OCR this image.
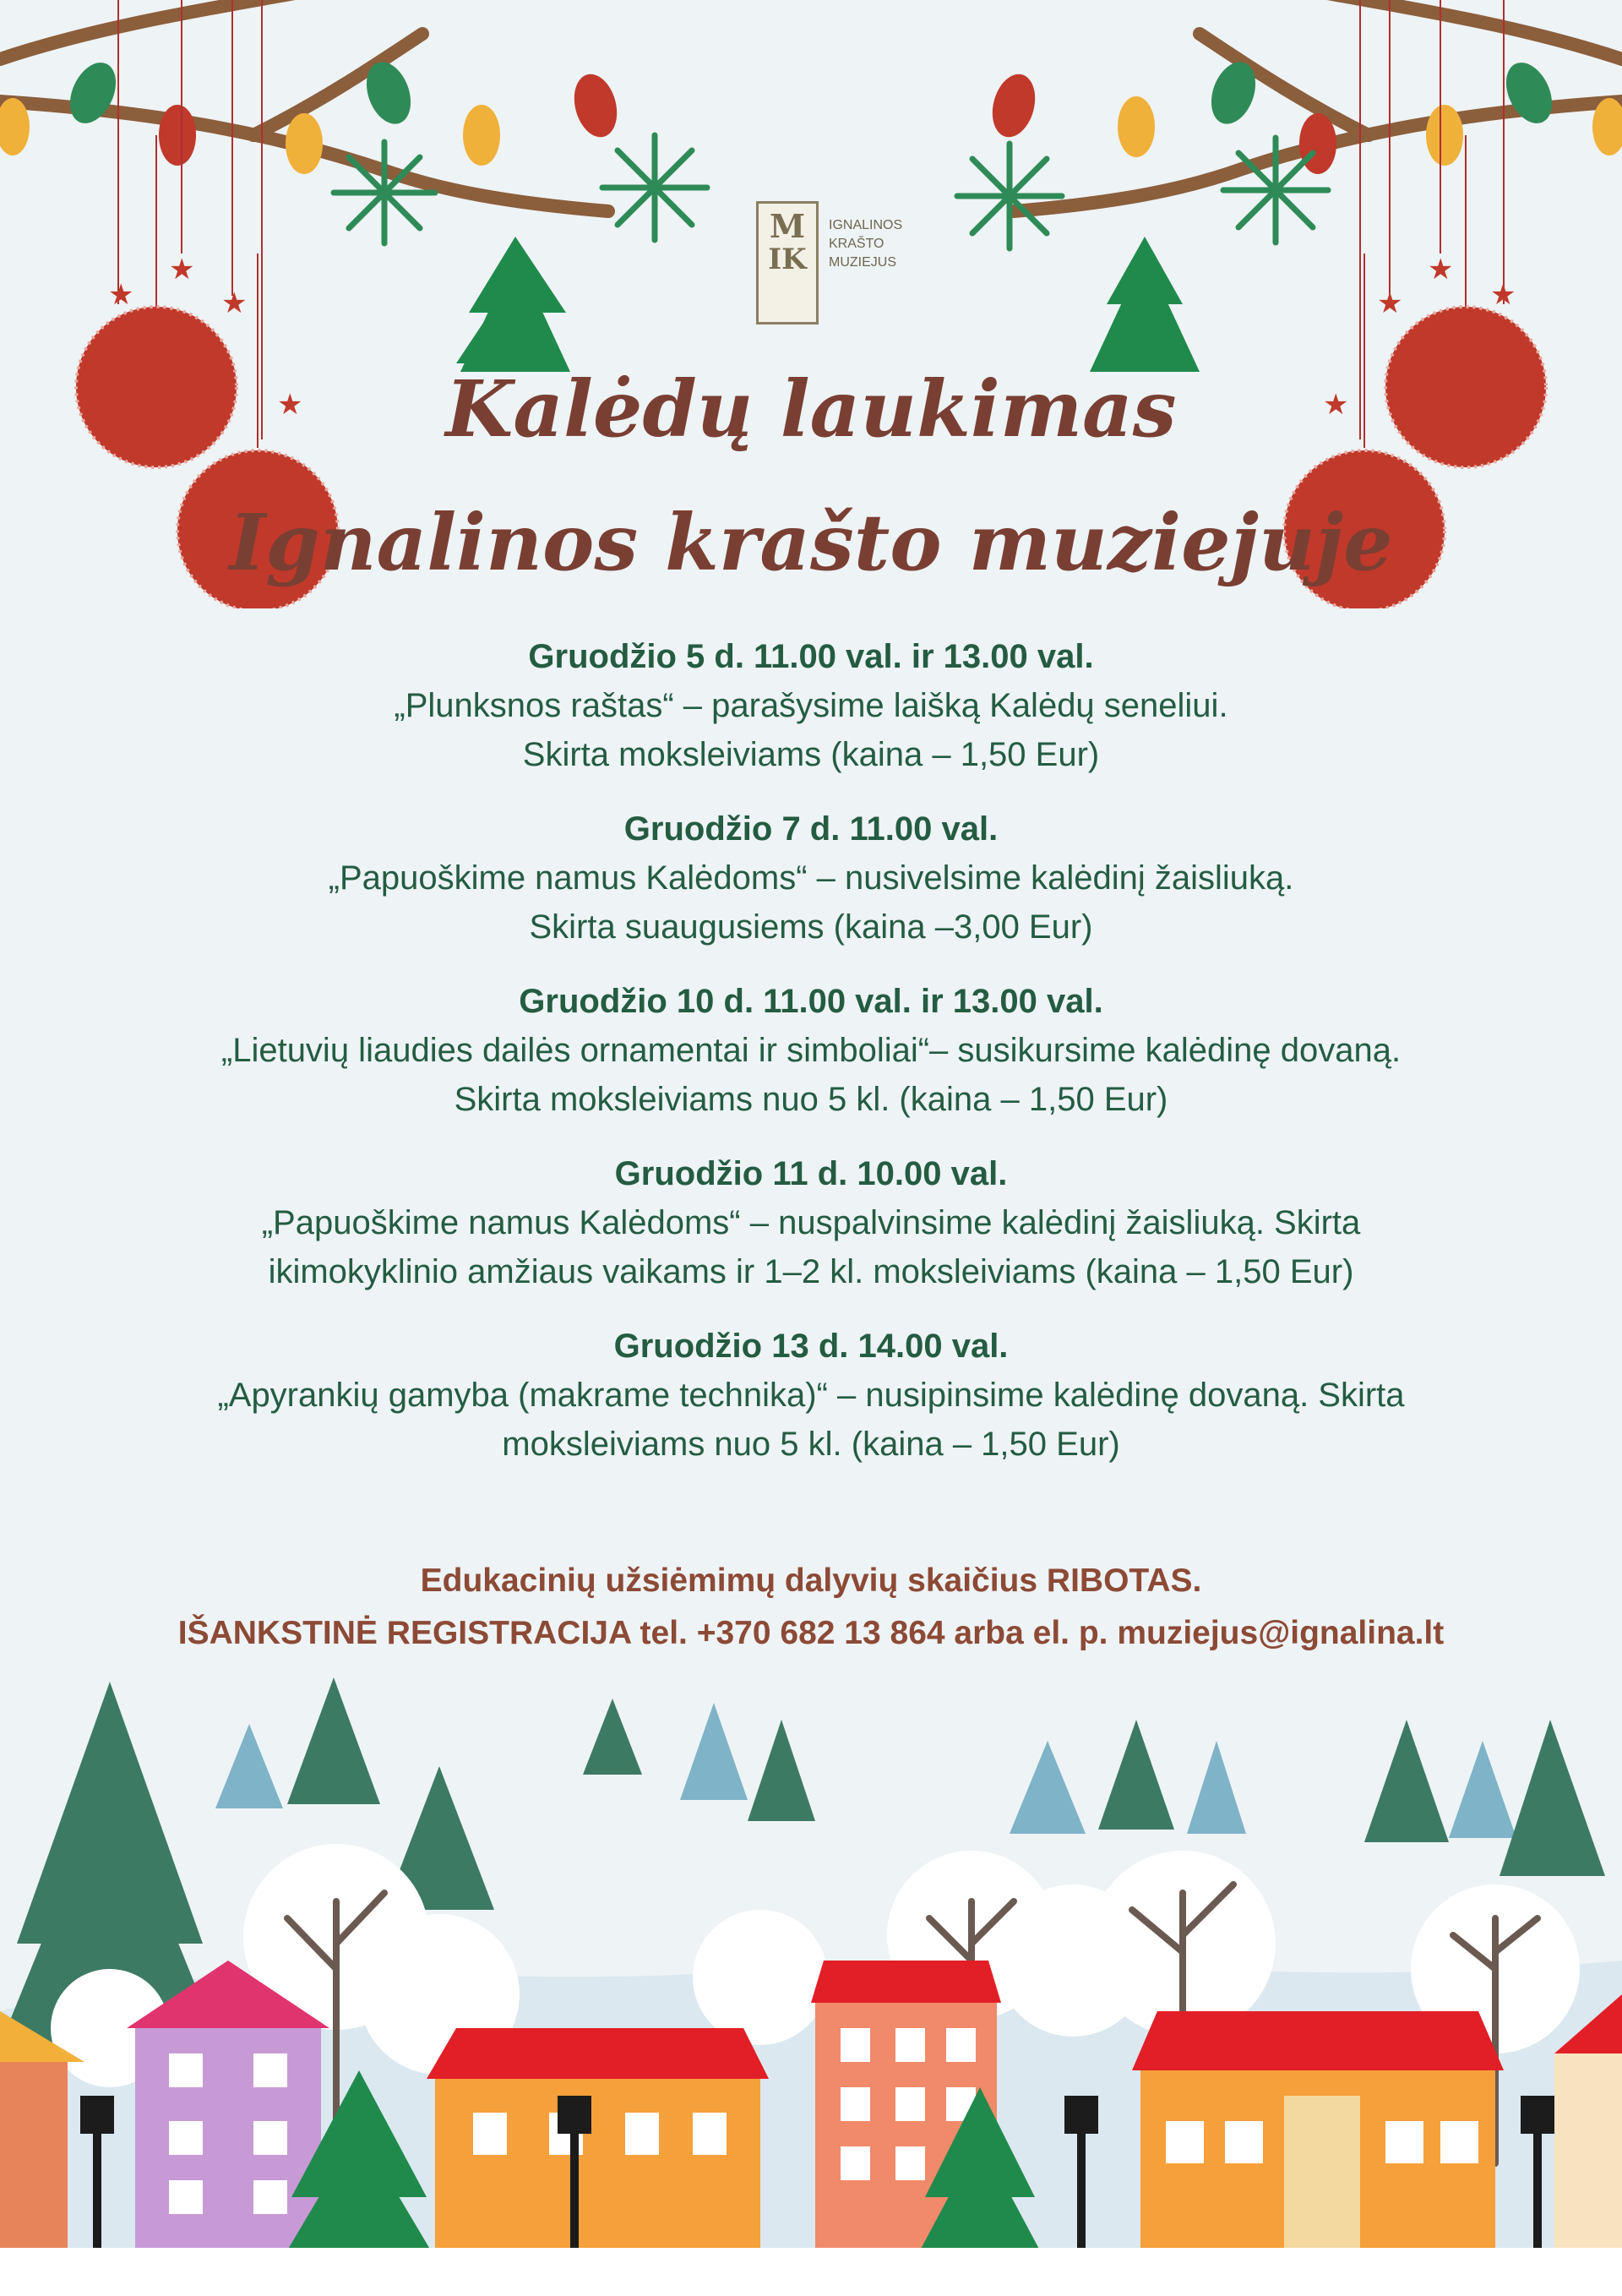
★
★
★
★
★
★
★
★
M
IK
IGNALINOS
KRAŠTO
MUZIEJUS
Kalėdų laukimas
Ignalinos krašto muziejuje
Gruodžio 5 d. 11.00 val. ir 13.00 val.
„Plunksnos raštas“ – parašysime laišką Kalėdų seneliui.
Skirta moksleiviams (kaina – 1,50 Eur)
Gruodžio 7 d. 11.00 val.
„Papuoškime namus Kalėdoms“ – nusivelsime kalėdinį žaisliuką.
Skirta suaugusiems (kaina –3,00 Eur)
Gruodžio 10 d. 11.00 val. ir 13.00 val.
„Lietuvių liaudies dailės ornamentai ir simboliai“– susikursime kalėdinę dovaną.
Skirta moksleiviams nuo 5 kl. (kaina – 1,50 Eur)
Gruodžio 11 d. 10.00 val.
„Papuoškime namus Kalėdoms“ – nuspalvinsime kalėdinį žaisliuką. Skirta
ikimokyklinio amžiaus vaikams ir 1–2 kl. moksleiviams (kaina – 1,50 Eur)
Gruodžio 13 d. 14.00 val.
„Apyrankių gamyba (makrame technika)“ – nusipinsime kalėdinę dovaną. Skirta
moksleiviams nuo 5 kl. (kaina – 1,50 Eur)
Edukacinių užsiėmimų dalyvių skaičius RIBOTAS.
IŠANKSTINĖ REGISTRACIJA tel. +370 682 13 864 arba el. p. muziejus@ignalina.lt
